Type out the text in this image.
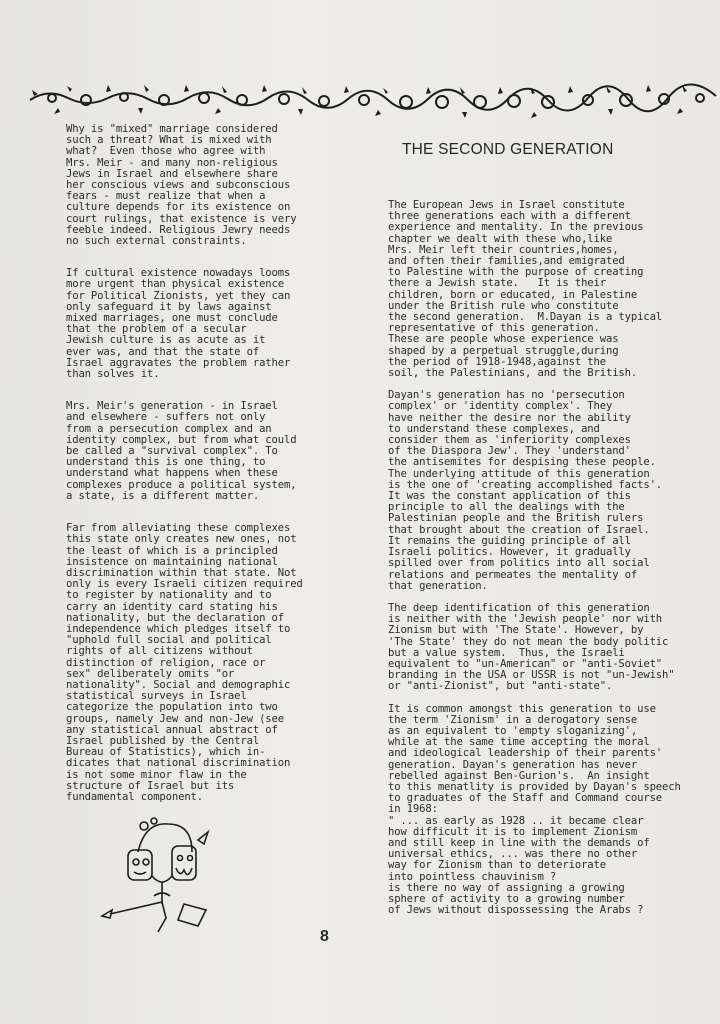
THE SECOND GENERATION

Why is "mixed" marriage considered
such a threat? What is mixed with
what?  Even those who agree with
Mrs. Meir - and many non-religious
Jews in Israel and elsewhere share
her conscious views and subconscious
fears - must realize that when a
culture depends for its existence on
court rulings, that existence is very
feeble indeed. Religious Jewry needs
no such external constraints.

If cultural existence nowadays looms
more urgent than physical existence
for Political Zionists, yet they can
only safeguard it by laws against
mixed marriages, one must conclude
that the problem of a secular
Jewish culture is as acute as it
ever was, and that the state of
Israel aggravates the problem rather
than solves it.

Mrs. Meir's generation - in Israel
and elsewhere - suffers not only
from a persecution complex and an
identity complex, but from what could
be called a "survival complex". To
understand this is one thing, to
understand what happens when these
complexes produce a political system,
a state, is a different matter.

Far from alleviating these complexes
this state only creates new ones, not
the least of which is a principled
insistence on maintaining national
discrimination within that state. Not
only is every Israeli citizen required
to register by nationality and to
carry an identity card stating his
nationality, but the declaration of
independence which pledges itself to
"uphold full social and political
rights of all citizens without
distinction of religion, race or
sex" deliberately omits "or
nationality". Social and demographic
statistical surveys in Israel
categorize the population into two
groups, namely Jew and non-Jew (see
any statistical annual abstract of
Israel published by the Central
Bureau of Statistics), which in-
dicates that national discrimination
is not some minor flaw in the
structure of Israel but its
fundamental component.

The European Jews in Israel constitute
three generations each with a different
experience and mentality. In the previous
chapter we dealt with these who,like
Mrs. Meir left their countries,homes,
and often their families,and emigrated
to Palestine with the purpose of creating
there a Jewish state.   It is their
children, born or educated, in Palestine
under the British rule who constitute
the second generation.  M.Dayan is a typical
representative of this generation.
These are people whose experience was
shaped by a perpetual struggle,during
the period of 1918-1948,against the
soil, the Palestinians, and the British.

Dayan's generation has no 'persecution
complex' or 'identity complex'. They
have neither the desire nor the ability
to understand these complexes, and
consider them as 'inferiority complexes
of the Diaspora Jew'. They 'understand'
the antisemites for despising these people.
The underlying attitude of this generation
is the one of 'creating accomplished facts'.
It was the constant application of this
principle to all the dealings with the
Palestinian people and the British rulers
that brought about the creation of Israel.
It remains the guiding principle of all
Israeli politics. However, it gradually
spilled over from politics into all social
relations and permeates the mentality of
that generation.

The deep identification of this generation
is neither with the 'Jewish people' nor with
Zionism but with 'The State'. However, by
'The State' they do not mean the body politic
but a value system.  Thus, the Israeli
equivalent to "un-American" or "anti-Soviet"
branding in the USA or USSR is not "un-Jewish"
or "anti-Zionist", but "anti-state".

It is common amongst this generation to use
the term 'Zionism' in a derogatory sense
as an equivalent to 'empty sloganizing',
while at the same time accepting the moral
and ideological leadership of their parents'
generation. Dayan's generation has never
rebelled against Ben-Gurion's.  An insight
to this menatlity is provided by Dayan's speech
to graduates of the Staff and Command course
in 1968:
" ... as early as 1928 .. it became clear
how difficult it is to implement Zionism
and still keep in line with the demands of
universal ethics, ... was there no other
way for Zionism than to deteriorate
into pointless chauvinism ?
is there no way of assigning a growing
sphere of activity to a growing number
of Jews without dispossessing the Arabs ?

8
